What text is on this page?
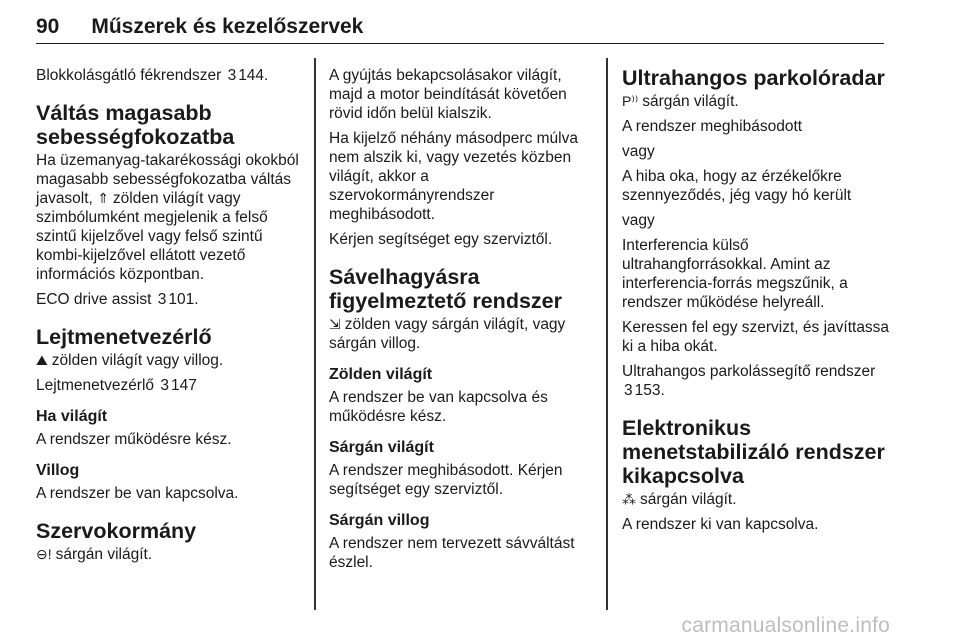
90 Műszerek és kezelőszervek

Blokkolásgátló fékrendszer 3 144.

Váltás magasabb
sebességfokozatba

Ha üzemanyag-takarékossági okokból magasabb sebességfokozatba váltás javasolt, ⇑ zölden világít vagy szimbólumként megjelenik a felső szintű kijelzővel vagy felső szintű kombi-kijelzővel ellátott vezető információs központban.

ECO drive assist 3 101.

Lejtmenetvezérlő

⛰ zölden világít vagy villog.

Lejtmenetvezérlő 3 147

Ha világít

A rendszer működésre kész.

Villog

A rendszer be van kapcsolva.

Szervokormány

⊖! sárgán világít.

A gyújtás bekapcsolásakor világít, majd a motor beindítását követően rövid időn belül kialszik.

Ha kijelző néhány másodperc múlva nem alszik ki, vagy vezetés közben világít, akkor a szervokormányrendszer meghibásodott.

Kérjen segítséget egy szerviztől.

Sávelhagyásra
figyelmeztető rendszer

⇲ zölden vagy sárgán világít, vagy sárgán villog.

Zölden világít

A rendszer be van kapcsolva és működésre kész.

Sárgán világít

A rendszer meghibásodott. Kérjen segítséget egy szerviztől.

Sárgán villog

A rendszer nem tervezett sávváltást észlel.

Ultrahangos parkolóradar

P⁾⁾ sárgán világít.

A rendszer meghibásodott

vagy

A hiba oka, hogy az érzékelőkre szennyeződés, jég vagy hó került

vagy

Interferencia külső ultrahangforrásokkal. Amint az interferencia-forrás megszűnik, a rendszer működése helyreáll.

Keressen fel egy szervizt, és javíttassa ki a hiba okát.

Ultrahangos parkolássegítő rendszer
3 153.

Elektronikus
menetstabilizáló rendszer
kikapcsolva

⁂ sárgán világít.

A rendszer ki van kapcsolva.

carmanualsonline.info
